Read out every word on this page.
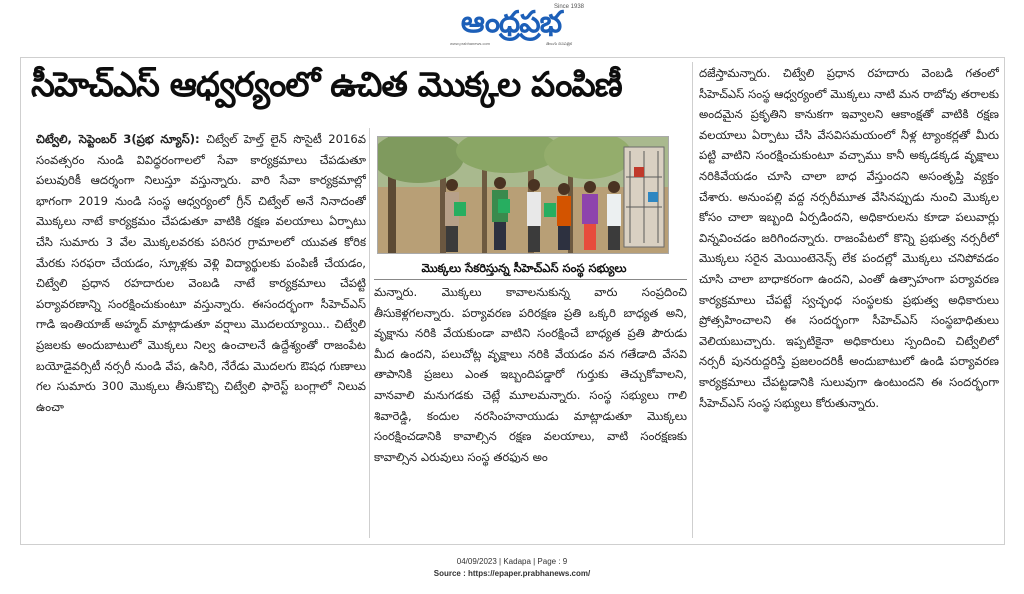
Since 1938
ఆంధ్రప్రభ
www.prabhanews.com	తెలుగు దినపత్రిక
సీహెచ్ఎస్ ఆధ్వర్యంలో ఉచిత మొక్కల పంపిణీ

చిట్వేలి, సెప్టెంబర్ 3(ప్రభ న్యూస్): చిట్వేల్ హెల్త్ లైన్ సొసైటీ 2016వ సంవత్సరం నుండి వివిధ్ధరంగాలలో సేవా కార్యక్రమాలు చేపడుతూ పలువురికీ ఆదర్శంగా నిలుస్తూ వస్తున్నారు. వారి సేవా కార్యక్రమాల్లో భాగంగా 2019 నుండి సంస్థ ఆధ్వర్యంలో గ్రీన్ చిట్వేల్ అనే నినాదంతో మొక్కలు నాటే కార్యక్రమం చేపడుతూ వాటికి రక్షణ వలయాలు ఏర్పాటు చేసి సుమారు 3 వేల మొక్కలవరకు పరిసర గ్రామాలలో యువత కోరిక మేరకు సరఫరా చేయడం, స్కూళ్లకు వెళ్లి విద్యార్థులకు పంపిణీ చేయడం, చిట్వేలి ప్రధాన రహదారుల వెంబడి నాటే కార్యక్రమాలు చేపట్టి పర్యావరణాన్ని సంరక్షించుకుంటూ వస్తున్నారు. ఈసందర్భంగా సీహెచ్ఎస్ గాడి ఇంతియాజ్ అహ్మద్ మాట్లాడుతూ వర్షాలు మొదలయ్యాయి.. చిట్వేలి ప్రజలకు అందుబాటులో మొక్కలు నిల్వ ఉంచాలనే ఉద్దేశ్యంతో రాజంపేట బయోడైవర్సిటీ నర్సరీ నుండి వేప, ఉసిరి, నేరేడు మొదలగు ఔషధ గుణాలు గల సుమారు 300 మొక్కలు తీసుకొచ్చి చిట్వేలి ఫారెస్ట్ బంగ్లాలో నిలువ ఉంచా

మొక్కలు సేకరిస్తున్న సీహెచ్ఎస్ సంస్థ సభ్యులు

మన్నారు. మొక్కలు కావాలనుకున్న వారు సంప్రదించి తీసుకెళ్లగలన్నారు. పర్యావరణ పరిరక్షణ ప్రతి ఒక్కరి బాధ్యత అని, వృక్షాను నరికి వేయకుండా వాటిని సంరక్షించే బాధ్యత ప్రతి పౌరుడు మీద ఉందని, పలుచోట్ల వృక్షాలు నరికి వేయడం వన గతేడాది వేసవి తాపానికి ప్రజలు ఎంత ఇబ్బందిపడ్డారో గుర్తుకు తెచ్చుకోవాలని, వానవాలి మనుగడకు చెట్లే మూలమన్నారు. సంస్థ సభ్యులు గాలి శివారెడ్డి, కందుల నరసింహనాయుడు మాట్లాడుతూ మొక్కలు సంరక్షించడానికి కావాల్సిన రక్షణ వలయాలు, వాటి సంరక్షణకు కావాల్సిన ఎరువులు సంస్థ తరఫున అం

దజేస్తామన్నారు. చిట్వేలి ప్రధాన రహదారు వెంబడి గతంలో సీహెచ్ఎస్ సంస్థ ఆధ్వర్యంలో మొక్కలు నాటి మన రాబోవు తరాలకు అందమైన ప్రకృతిని కానుకగా ఇవ్వాలని ఆకాంక్షతో వాటికి రక్షణ వలయాలు ఏర్పాటు చేసి వేసవిసమయంలో నీళ్ల ట్యాంకర్లతో మీరు పట్టి వాటిని సంరక్షించుకుంటూ వచ్చాము కానీ అక్కడక్కడ వృక్షాలు నరికివేయడం చూసి చాలా బాధ వేస్తుందని అసంతృప్తి వ్యక్తం చేశారు. అనుంపల్లి వద్ద నర్సరీమూత వేసినప్పుడు నుంచి మొక్కల కోసం చాలా ఇబ్బంది ఏర్పడిందని, అధికారులను కూడా పలువార్లు విన్నవించడం జరిగిందన్నారు. రాజంపేటలో కొన్ని ప్రభుత్వ నర్సరీలో మొక్కలు సరైన మెయింటెనెన్స్ లేక పందల్లో మొక్కలు చనిపోవడం చూసి చాలా బాధాకరంగా ఉందని, ఎంతో ఉత్సాహంగా పర్యావరణ కార్యక్రమాలు చేపట్టే స్వచ్ఛంధ సంస్థలకు ప్రభుత్వ అధికారులు ప్రోత్సహించాలని ఈ సందర్భంగా సీహెచ్ఎస్ సంస్థబాధితులు వెలియబుచ్చారు. ఇప్పటికైనా అధికారులు స్పందించి చిట్వేలిలో నర్సరీ పునరుద్దరిస్తే ప్రజలందరికీ అందుబాటులో ఉండి పర్యావరణ కార్యక్రమాలు చేపట్టడానికి సులువుగా ఉంటుందని ఈ సందర్భంగా సీహెచ్ఎస్ సంస్థ సభ్యులు కోరుతున్నారు.

04/09/2023 | Kadapa | Page : 9
Source : https://epaper.prabhanews.com/
